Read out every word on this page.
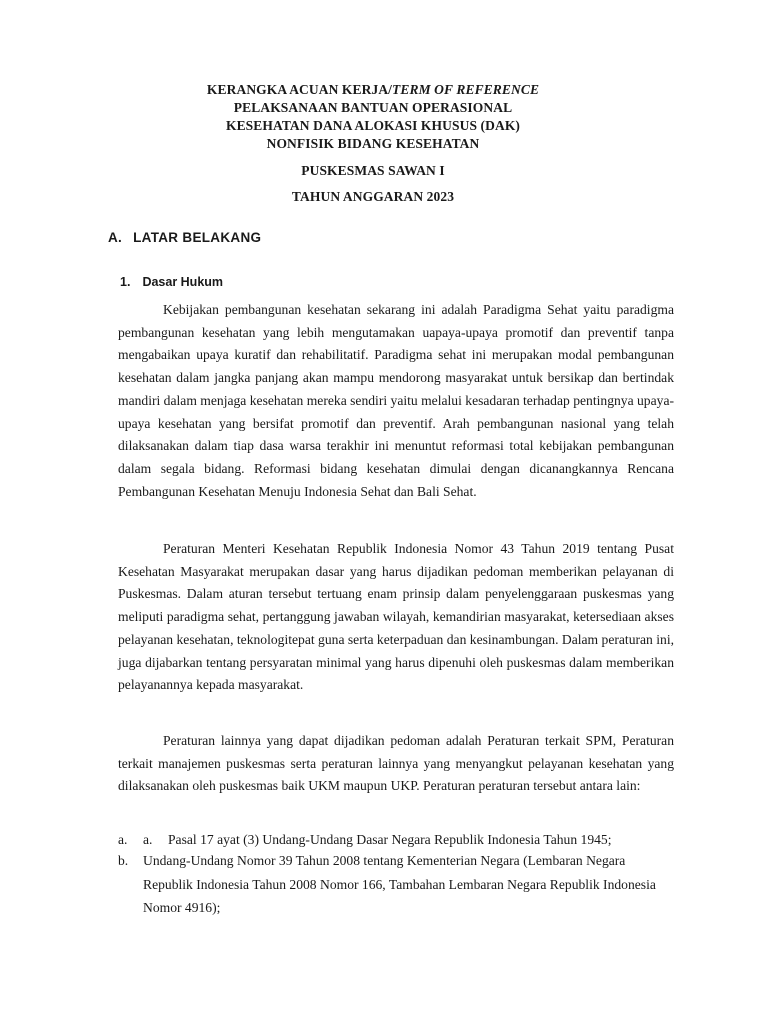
KERANGKA ACUAN KERJA/TERM OF REFERENCE
PELAKSANAAN BANTUAN OPERASIONAL
KESEHATAN DANA ALOKASI KHUSUS (DAK)
NONFISIK BIDANG KESEHATAN
PUSKESMAS SAWAN I
TAHUN ANGGARAN 2023
A. LATAR BELAKANG
1. Dasar Hukum

Kebijakan pembangunan kesehatan sekarang ini adalah Paradigma Sehat yaitu paradigma pembangunan kesehatan yang lebih mengutamakan uapaya-upaya promotif dan preventif tanpa mengabaikan upaya kuratif dan rehabilitatif. Paradigma sehat ini merupakan modal pembangunan kesehatan dalam jangka panjang akan mampu mendorong masyarakat untuk bersikap dan bertindak mandiri dalam menjaga kesehatan mereka sendiri yaitu melalui kesadaran terhadap pentingnya upaya-upaya kesehatan yang bersifat promotif dan preventif. Arah pembangunan nasional yang telah dilaksanakan dalam tiap dasa warsa terakhir ini menuntut reformasi total kebijakan pembangunan dalam segala bidang. Reformasi bidang kesehatan dimulai dengan dicanangkannya Rencana Pembangunan Kesehatan Menuju Indonesia Sehat dan Bali Sehat.

Peraturan Menteri Kesehatan Republik Indonesia Nomor 43 Tahun 2019 tentang Pusat Kesehatan Masyarakat merupakan dasar yang harus dijadikan pedoman memberikan pelayanan di Puskesmas. Dalam aturan tersebut tertuang enam prinsip dalam penyelenggaraan puskesmas yang meliputi paradigma sehat, pertanggung jawaban wilayah, kemandirian masyarakat, ketersediaan akses pelayanan kesehatan, teknologitepat guna serta keterpaduan dan kesinambungan. Dalam peraturan ini, juga dijabarkan tentang persyaratan minimal yang harus dipenuhi oleh puskesmas dalam memberikan pelayanannya kepada masyarakat.

Peraturan lainnya yang dapat dijadikan pedoman adalah Peraturan terkait SPM, Peraturan terkait manajemen puskesmas serta peraturan lainnya yang menyangkut pelayanan kesehatan yang dilaksanakan oleh puskesmas baik UKM maupun UKP. Peraturan peraturan tersebut antara lain:

a. a. Pasal 17 ayat (3) Undang-Undang Dasar Negara Republik Indonesia Tahun 1945;
b. Undang-Undang Nomor 39 Tahun 2008 tentang Kementerian Negara (Lembaran Negara Republik Indonesia Tahun 2008 Nomor 166, Tambahan Lembaran Negara Republik Indonesia Nomor 4916);
